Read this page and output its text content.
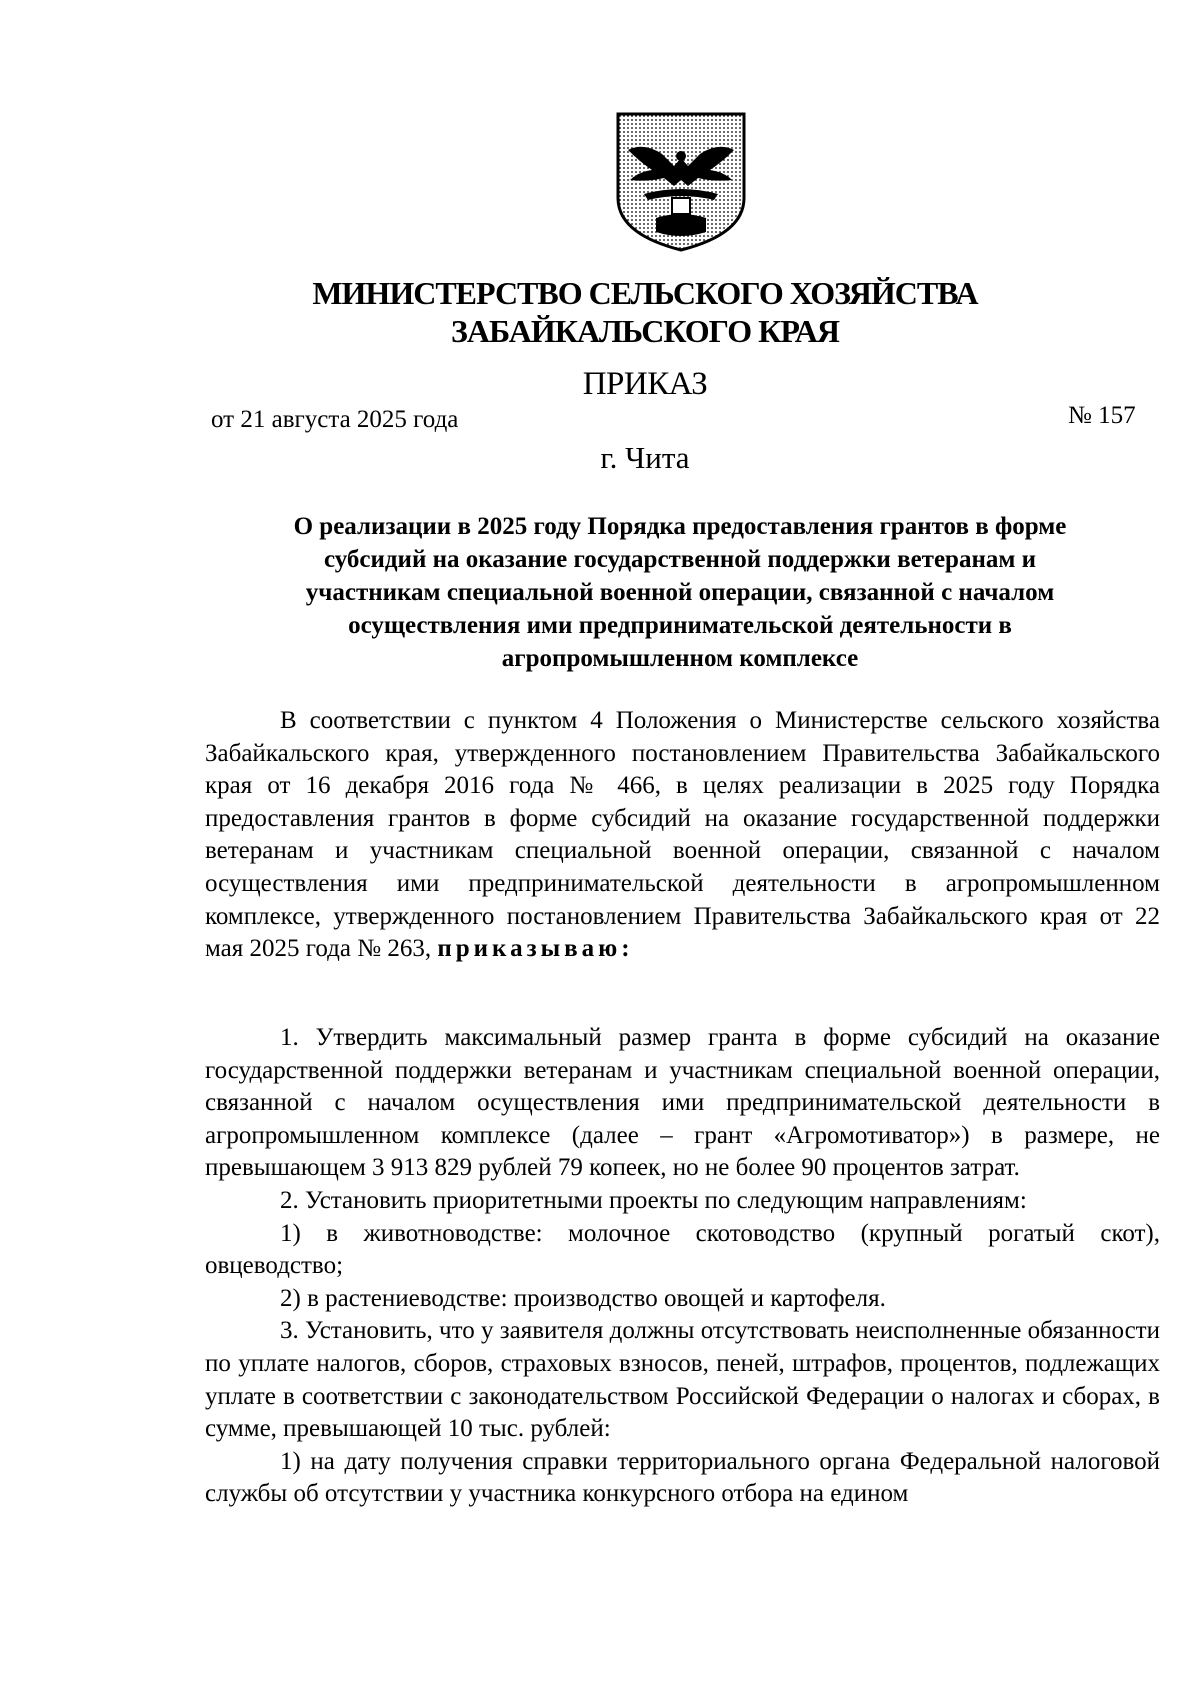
МИНИСТЕРСТВО СЕЛЬСКОГО ХОЗЯЙСТВА
ЗАБАЙКАЛЬСКОГО КРАЯ
ПРИКАЗ
от 21 августа 2025 года	№ 157
г. Чита
О реализации в 2025 году Порядка предоставления грантов в форме
субсидий на оказание государственной поддержки ветеранам и
участникам специальной военной операции, связанной с началом
осуществления ими предпринимательской деятельности в
агропромышленном комплексе

В соответствии с пунктом 4 Положения о Министерстве сельского хозяйства Забайкальского края, утвержденного постановлением Правительства Забайкальского края от 16 декабря 2016 года № 466, в целях реализации в 2025 году Порядка предоставления грантов в форме субсидий на оказание государственной поддержки ветеранам и участникам специальной военной операции, связанной с началом осуществления ими предпринимательской деятельности в агропромышленном комплексе, утвержденного постановлением Правительства Забайкальского края от 22 мая 2025 года № 263, приказываю:

1. Утвердить максимальный размер гранта в форме субсидий на оказание государственной поддержки ветеранам и участникам специальной военной операции, связанной с началом осуществления ими предпринимательской деятельности в агропромышленном комплексе (далее – грант «Агромотиватор») в размере, не превышающем 3 913 829 рублей 79 копеек, но не более 90 процентов затрат.

2. Установить приоритетными проекты по следующим направлениям:

1) в животноводстве: молочное скотоводство (крупный рогатый скот), овцеводство;

2) в растениеводстве: производство овощей и картофеля.

3. Установить, что у заявителя должны отсутствовать неисполненные обязанности по уплате налогов, сборов, страховых взносов, пеней, штрафов, процентов, подлежащих уплате в соответствии с законодательством Российской Федерации о налогах и сборах, в сумме, превышающей 10 тыс. рублей:

1) на дату получения справки территориального органа Федеральной налоговой службы об отсутствии у участника конкурсного отбора на едином
